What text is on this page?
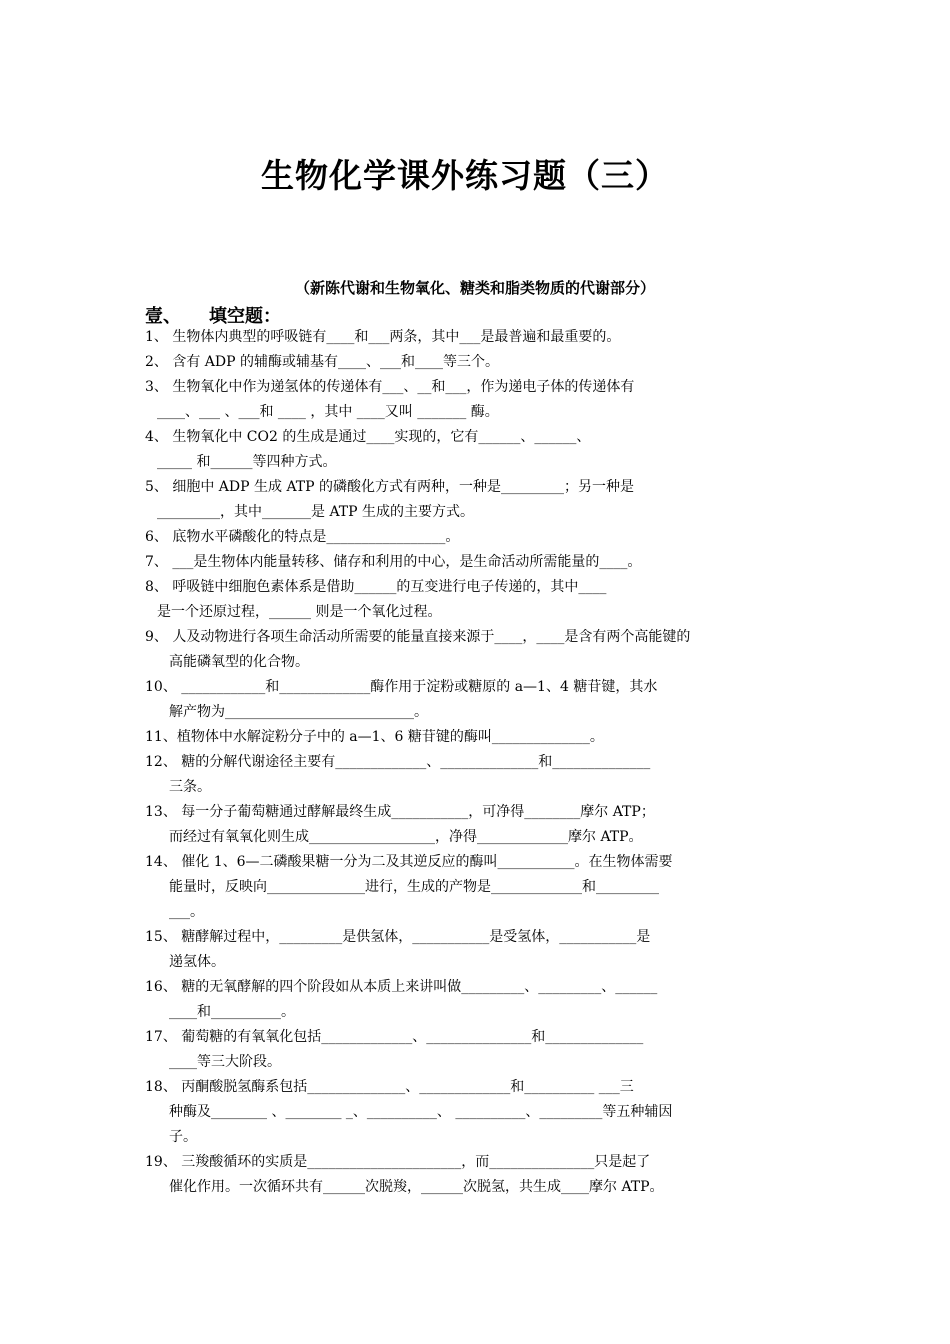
生物化学课外练习题（三）
（新陈代谢和生物氧化、糖类和脂类物质的代谢部分）
壹、 填空题：
1、 生物体内典型的呼吸链有____和___两条，其中___是最普遍和最重要的。
2、 含有 ADP 的辅酶或辅基有____、___和____等三个。
3、 生物氧化中作为递氢体的传递体有___、__和___，作为递电子体的传递体有
____、___ 、___和 ____ ，其中 ____又叫 _______ 酶。
4、 生物氧化中 CO2 的生成是通过____实现的，它有______、______、
_____ 和______等四种方式。
5、 细胞中 ADP 生成 ATP 的磷酸化方式有两种，一种是_________；另一种是
_________，其中_______是 ATP 生成的主要方式。
6、 底物水平磷酸化的特点是_________________。
7、 ___是生物体内能量转移、储存和利用的中心，是生命活动所需能量的____。
8、 呼吸链中细胞色素体系是借助______的互变进行电子传递的，其中____
是一个还原过程，______ 则是一个氧化过程。
9、 人及动物进行各项生命活动所需要的能量直接来源于____，____是含有两个高能键的
高能磷氧型的化合物。
10、 ____________和_____________酶作用于淀粉或糖原的 a—1、4 糖苷键，其水
解产物为___________________________。
11、植物体中水解淀粉分子中的 a—1、6 糖苷键的酶叫______________。
12、 糖的分解代谢途径主要有_____________、______________和______________
三条。
13、 每一分子葡萄糖通过酵解最终生成___________，可净得________摩尔 ATP；
而经过有氧氧化则生成__________________，净得_____________摩尔 ATP。
14、 催化 1、6—二磷酸果糖一分为二及其逆反应的酶叫___________。在生物体需要
能量时，反映向______________进行，生成的产物是_____________和_________
___。
15、 糖酵解过程中，_________是供氢体，___________是受氢体，___________是
递氢体。
16、 糖的无氧酵解的四个阶段如从本质上来讲叫做_________、_________、______
____和__________。
17、 葡萄糖的有氧氧化包括_____________、_______________和______________
____等三大阶段。
18、 丙酮酸脱氢酶系包括______________、_____________和__________ ___三
种酶及________ 、________ _、__________、 __________、_________等五种辅因
子。
19、 三羧酸循环的实质是______________________，而_______________只是起了
催化作用。一次循环共有______次脱羧，______次脱氢，共生成____摩尔 ATP。
